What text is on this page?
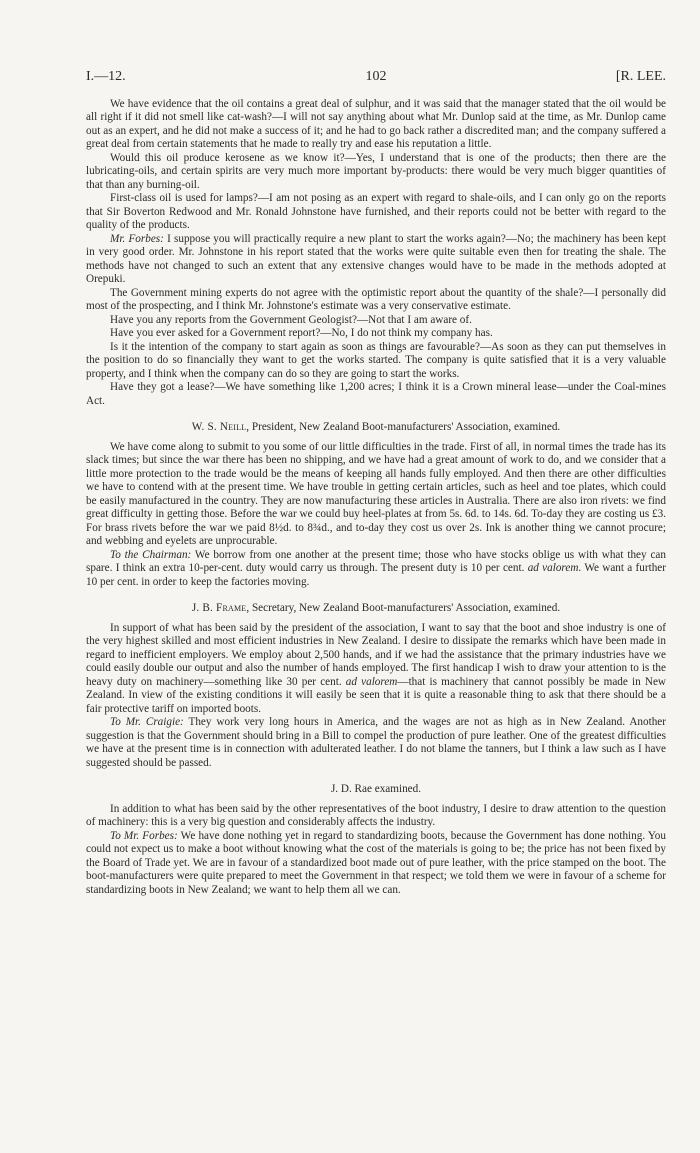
I.—12.	102	[R. LEE.

We have evidence that the oil contains a great deal of sulphur, and it was said that the manager stated that the oil would be all right if it did not smell like cat-wash?—I will not say anything about what Mr. Dunlop said at the time, as Mr. Dunlop came out as an expert, and he did not make a success of it; and he had to go back rather a discredited man; and the company suffered a great deal from certain statements that he made to really try and ease his reputation a little.

Would this oil produce kerosene as we know it?—Yes, I understand that is one of the products; then there are the lubricating-oils, and certain spirits are very much more important by-products: there would be very much bigger quantities of that than any burning-oil.

First-class oil is used for lamps?—I am not posing as an expert with regard to shale-oils, and I can only go on the reports that Sir Boverton Redwood and Mr. Ronald Johnstone have furnished, and their reports could not be better with regard to the quality of the products.

Mr. Forbes: I suppose you will practically require a new plant to start the works again?—No; the machinery has been kept in very good order. Mr. Johnstone in his report stated that the works were quite suitable even then for treating the shale. The methods have not changed to such an extent that any extensive changes would have to be made in the methods adopted at Orepuki.

The Government mining experts do not agree with the optimistic report about the quantity of the shale?—I personally did most of the prospecting, and I think Mr. Johnstone's estimate was a very conservative estimate.

Have you any reports from the Government Geologist?—Not that I am aware of.

Have you ever asked for a Government report?—No, I do not think my company has.

Is it the intention of the company to start again as soon as things are favourable?—As soon as they can put themselves in the position to do so financially they want to get the works started. The company is quite satisfied that it is a very valuable property, and I think when the company can do so they are going to start the works.

Have they got a lease?—We have something like 1,200 acres; I think it is a Crown mineral lease—under the Coal-mines Act.

W. S. Neill, President, New Zealand Boot-manufacturers' Association, examined.

We have come along to submit to you some of our little difficulties in the trade. First of all, in normal times the trade has its slack times; but since the war there has been no shipping, and we have had a great amount of work to do, and we consider that a little more protection to the trade would be the means of keeping all hands fully employed. And then there are other difficulties we have to contend with at the present time. We have trouble in getting certain articles, such as heel and toe plates, which could be easily manufactured in the country. They are now manufacturing these articles in Australia. There are also iron rivets: we find great difficulty in getting those. Before the war we could buy heel-plates at from 5s. 6d. to 14s. 6d. To-day they are costing us £3. For brass rivets before the war we paid 8½d. to 8¾d., and to-day they cost us over 2s. Ink is another thing we cannot procure; and webbing and eyelets are unprocurable.

To the Chairman: We borrow from one another at the present time; those who have stocks oblige us with what they can spare. I think an extra 10-per-cent. duty would carry us through. The present duty is 10 per cent. ad valorem. We want a further 10 per cent. in order to keep the factories moving.

J. B. Frame, Secretary, New Zealand Boot-manufacturers' Association, examined.

In support of what has been said by the president of the association, I want to say that the boot and shoe industry is one of the very highest skilled and most efficient industries in New Zealand. I desire to dissipate the remarks which have been made in regard to inefficient employers. We employ about 2,500 hands, and if we had the assistance that the primary industries have we could easily double our output and also the number of hands employed. The first handicap I wish to draw your attention to is the heavy duty on machinery—something like 30 per cent. ad valorem—that is machinery that cannot possibly be made in New Zealand. In view of the existing conditions it will easily be seen that it is quite a reasonable thing to ask that there should be a fair protective tariff on imported boots.

To Mr. Craigie: They work very long hours in America, and the wages are not as high as in New Zealand. Another suggestion is that the Government should bring in a Bill to compel the production of pure leather. One of the greatest difficulties we have at the present time is in connection with adulterated leather. I do not blame the tanners, but I think a law such as I have suggested should be passed.

J. D. Rae examined.

In addition to what has been said by the other representatives of the boot industry, I desire to draw attention to the question of machinery: this is a very big question and considerably affects the industry.

To Mr. Forbes: We have done nothing yet in regard to standardizing boots, because the Government has done nothing. You could not expect us to make a boot without knowing what the cost of the materials is going to be; the price has not been fixed by the Board of Trade yet. We are in favour of a standardized boot made out of pure leather, with the price stamped on the boot. The boot-manufacturers were quite prepared to meet the Government in that respect; we told them we were in favour of a scheme for standardizing boots in New Zealand; we want to help them all we can.
